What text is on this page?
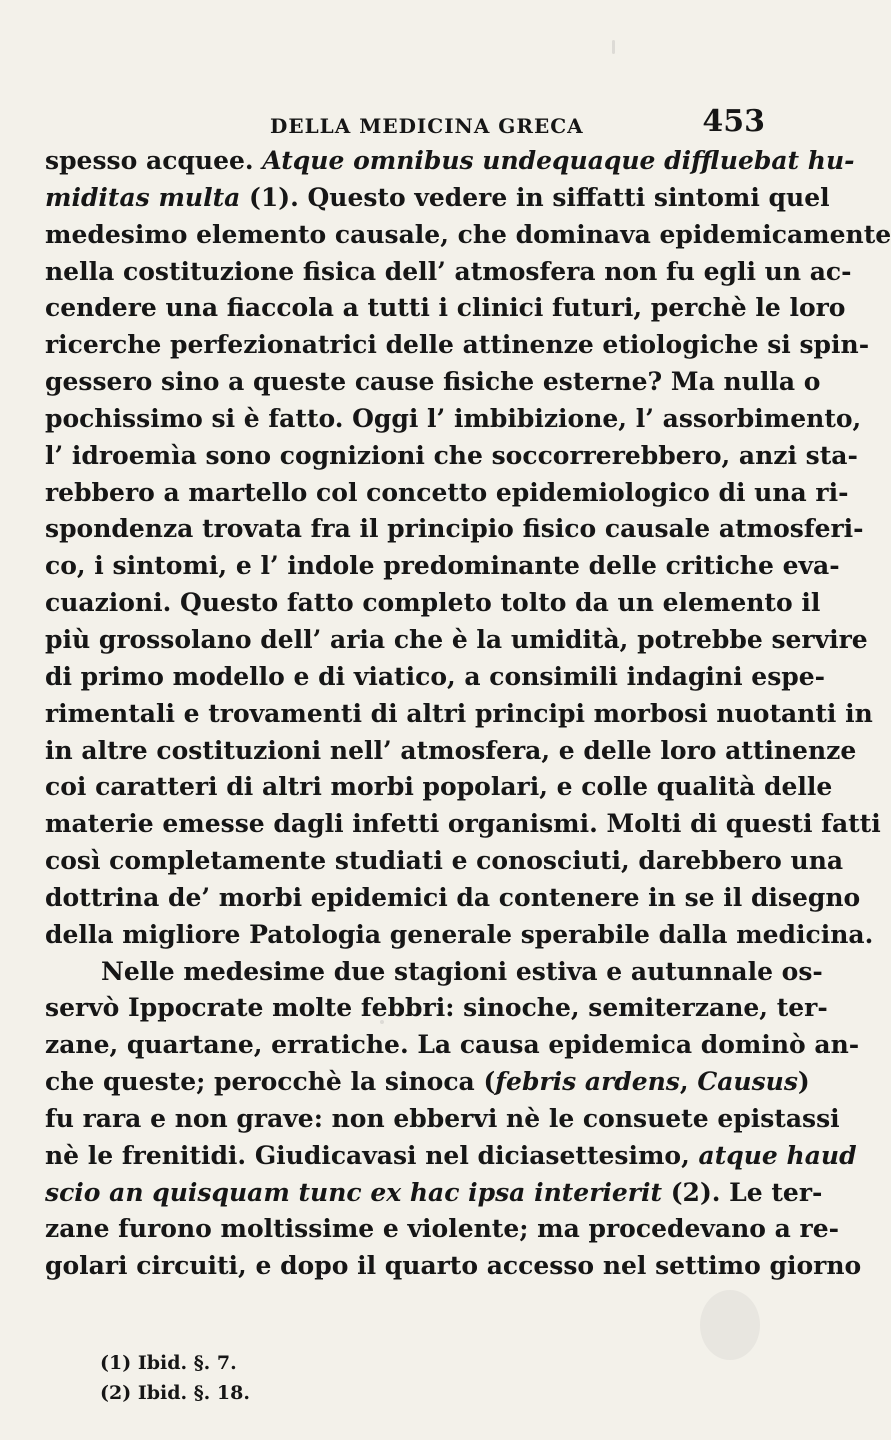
DELLA MEDICINA GRECA	453
spesso acquee. Atque omnibus undequaque diffluebat hu-
miditas multa (1). Questo vedere in siffatti sintomi quel
medesimo elemento causale, che dominava epidemicamente
nella costituzione fisica dell’ atmosfera non fu egli un ac-
cendere una fiaccola a tutti i clinici futuri, perchè le loro
ricerche perfezionatrici delle attinenze etiologiche si spin-
gessero sino a queste cause fisiche esterne? Ma nulla o
pochissimo si è fatto. Oggi l’ imbibizione, l’ assorbimento,
l’ idroemìa sono cognizioni che soccorrerebbero, anzi sta-
rebbero a martello col concetto epidemiologico di una ri-
spondenza trovata fra il principio fisico causale atmosferi-
co, i sintomi, e l’ indole predominante delle critiche eva-
cuazioni. Questo fatto completo tolto da un elemento il
più grossolano dell’ aria che è la umidità, potrebbe servire
di primo modello e di viatico, a consimili indagini espe-
rimentali e trovamenti di altri principi morbosi nuotanti in
in altre costituzioni nell’ atmosfera, e delle loro attinenze
coi caratteri di altri morbi popolari, e colle qualità delle
materie emesse dagli infetti organismi. Molti di questi fatti
così completamente studiati e conosciuti, darebbero una
dottrina de’ morbi epidemici da contenere in se il disegno
della migliore Patologia generale sperabile dalla medicina.
Nelle medesime due stagioni estiva e autunnale os-
servò Ippocrate molte febbri: sinoche, semiterzane, ter-
zane, quartane, erratiche. La causa epidemica dominò an-
che queste; perocchè la sinoca (febris ardens, Causus)
fu rara e non grave: non ebbervi nè le consuete epistassi
nè le frenitidi. Giudicavasi nel diciasettesimo, atque haud
scio an quisquam tunc ex hac ipsa interierit (2). Le ter-
zane furono moltissime e violente; ma procedevano a re-
golari circuiti, e dopo il quarto accesso nel settimo giorno
(1) Ibid. §. 7.
(2) Ibid. §. 18.
